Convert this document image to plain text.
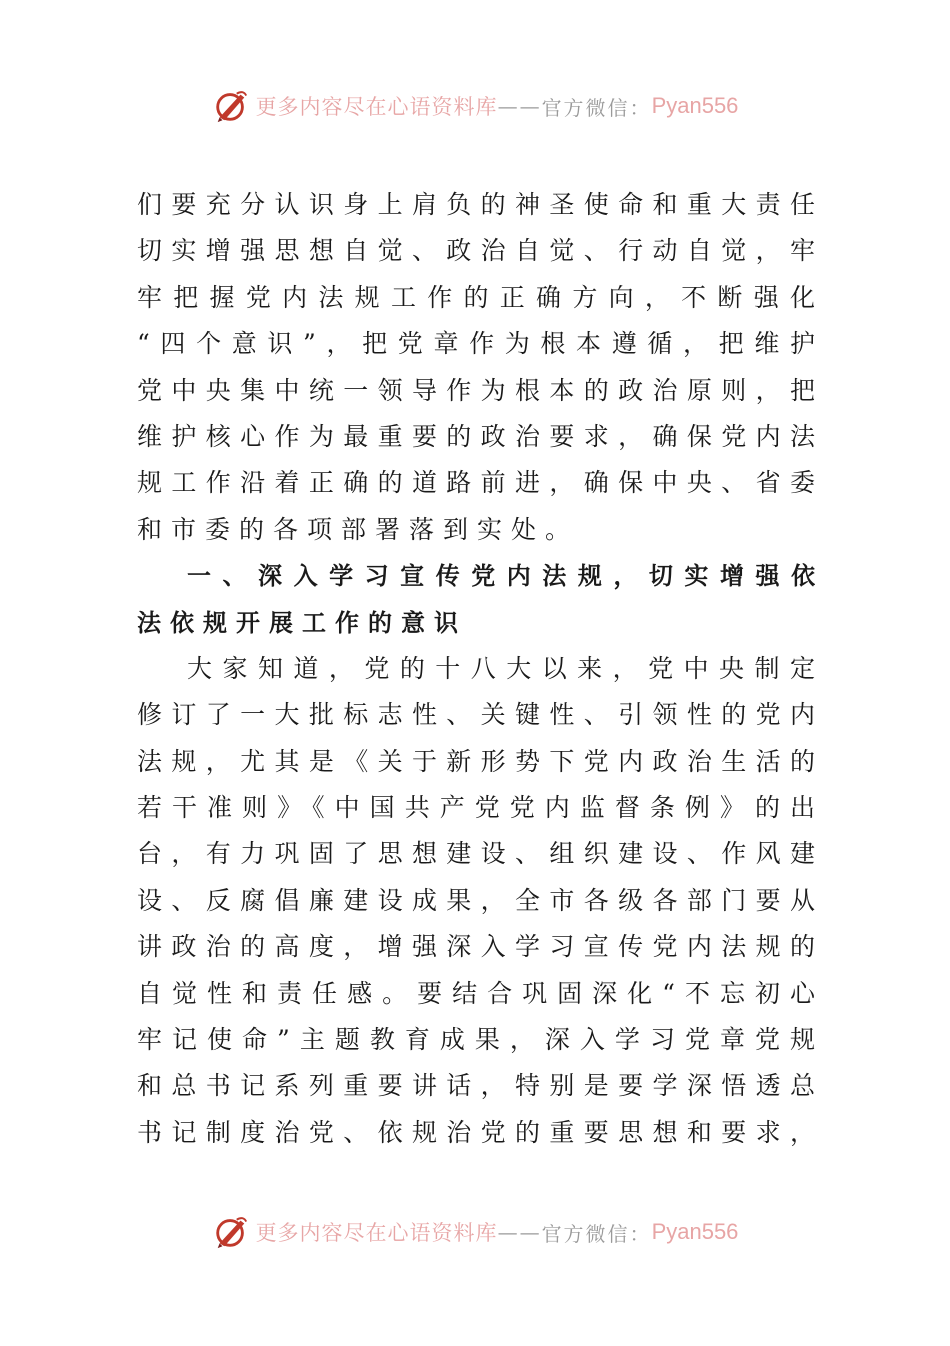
更多内容尽在心语资料库 —— 官方微信： Pyan556
们要充分认识身上肩负的神圣使命和重大责任
切实增强思想自觉、政治自觉、行动自觉，牢
牢把握党内法规工作的正确方向，不断强化
“四个意识”，把党章作为根本遵循，把维护
党中央集中统一领导作为根本的政治原则，把
维护核心作为最重要的政治要求，确保党内法
规工作沿着正确的道路前进，确保中央、省委
和市委的各项部署落到实处。
一、深入学习宣传党内法规，切实增强依
法依规开展工作的意识
大家知道，党的十八大以来，党中央制定
修订了一大批标志性、关键性、引领性的党内
法规，尤其是《关于新形势下党内政治生活的
若干准则》《中国共产党党内监督条例》的出
台，有力巩固了思想建设、组织建设、作风建
设、反腐倡廉建设成果，全市各级各部门要从
讲政治的高度，增强深入学习宣传党内法规的
自觉性和责任感。要结合巩固深化“不忘初心
牢记使命”主题教育成果，深入学习党章党规
和总书记系列重要讲话，特别是要学深悟透总
书记制度治党、依规治党的重要思想和要求，
更多内容尽在心语资料库 —— 官方微信： Pyan556
